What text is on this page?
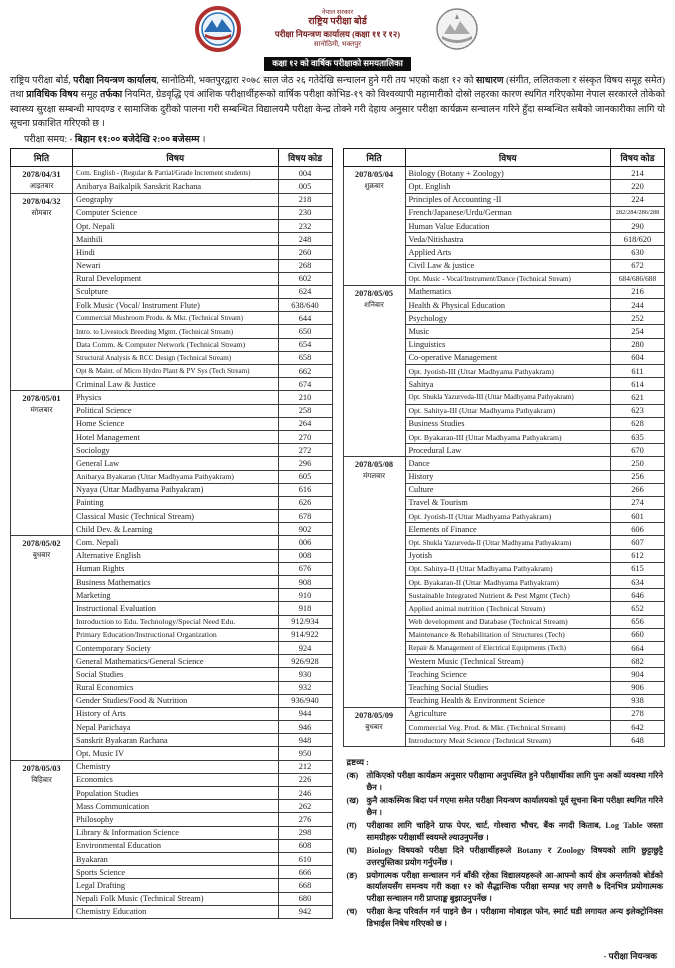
नेपाल सरकार
राष्ट्रिय परीक्षा बोर्ड
परीक्षा नियन्त्रण कार्यालय (कक्षा ११ र १२)
सानोठिमी, भक्तपुर
कक्षा १२ को वार्षिक परीक्षाको समयतालिका
राष्ट्रिय परीक्षा बोर्ड, परीक्षा नियन्त्रण कार्यालय, सानोठिमी, भक्तपुरद्वारा २०७८ साल जेठ २६ गतेदेखि सन्चालन हुने गरी तय भएको कक्षा १२ को साधारण (संगीत, ललितकला र संस्कृत विषय समूह समेत) तथा प्राविधिक विषय समूह तर्फका नियमित, ग्रेडवृद्धि एवं आंशिक परीक्षार्थीहरूको वार्षिक परीक्षा कोभिड-१९ को विश्वव्यापी महामारीको दोस्रो लहरका कारण स्थगित गरिएकोमा नेपाल सरकारले तोकेको स्वास्थ्य सुरक्षा सम्बन्धी मापदण्ड र सामाजिक दुरीको पालना गरी सम्बन्धित विद्यालयमै परीक्षा केन्द्र तोक्ने गरी देहाय अनुसार परीक्षा कार्यक्रम सन्चालन गरिने हुँदा सम्बन्धित सबैको जानकारीका लागि यो सूचना प्रकाशित गरिएको छ ।
परीक्षा समय: - बिहान ११:०० बजेदेखि २:०० बजेसम्म ।
मिति	विषय	विषय कोड

2078/04/31
आइतबार	Com. English - (Regular & Partial/Grade Increment students)	004
	Anibarya Baikalpik Sanskrit Rachana	005

2078/04/32
सोमबार	Geography	218
	Computer Science	230
	Opt. Nepali	232
	Maithili	248
	Hindi	260
	Newari	268
	Rural Development	602
	Sculpture	624
	Folk Music (Vocal/ Instrument Flute)	638/640
	Commercial Mushroom Produ. & Mkt. (Technical Stream)	644
	Intro. to Livestock Breeding Mgmt. (Technical Stream)	650
	Data Comm. & Computer Network (Technical Stream)	654
	Structural Analysis & RCC Design (Technical Stream)	658
	Opt & Maint. of Micro Hydro Plant & PV Sys (Tech Stream)	662
	Criminal Law & Justice	674

2078/05/01
मंगलबार	Physics	210
	Political Science	258
	Home Science	264
	Hotel Management	270
	Sociology	272
	General Law	296
	Anibarya Byakaran (Uttar Madhyama Pathyakram)	605
	Nyaya (Uttar Madhyama Pathyakram)	616
	Painting	626
	Classical Music (Technical Stream)	678
	Child Dev. & Learning	902

2078/05/02
बुधबार	Com. Nepali	006
	Alternative English	008
	Human Rights	676
	Business Mathematics	908
	Marketing	910
	Instructional Evaluation	918
	Introduction to Edu. Technology/Special Need Edu.	912/934
	Primary Education/Instructional Organization	914/922
	Contemporary Society	924
	General Mathematics/General Science	926/928
	Social Studies	930
	Rural Economics	932
	Gender Studies/Food & Nutrition	936/940
	History of Arts	944
	Nepal Parichaya	946
	Sanskrit Byakaran Rachana	948
	Opt. Music IV	950

2078/05/03
बिहिबार	Chemistry	212
	Economics	226
	Population Studies	246
	Mass Communication	262
	Philosophy	276
	Library & Information Science	298
	Environmental Education	608
	Byakaran	610
	Sports Science	666
	Legal Drafting	668
	Nepali Folk Music (Technical Stream)	680
	Chemistry Education	942
मिति	विषय	विषय कोड

2078/05/04
शुक्रबार	Biology (Botany + Zoology)	214
	Opt. English	220
	Principles of Accounting -II	224
	French/Japanese/Urdu/German	282/284/286/288
	Human Value Education	290
	Veda/Nitishastra	618/620
	Applied Arts	630
	Civil Law & justice	672
	Opt. Music - Vocal/Instrument/Dance (Technical Stream)	684/686/688

2078/05/05
शनिबार	Mathematics	216
	Health & Physical Education	244
	Psychology	252
	Music	254
	Linguistics	280
	Co-operative Management	604
	Opt. Jyotish-III (Uttar Madhyama Pathyakram)	611
	Sahitya	614
	Opt. Shukla Yazurveda-III (Uttar Madhyama Pathyakram)	621
	Opt. Sahitya-III (Uttar Madhyama Pathyakram)	623
	Business Studies	628
	Opt. Byakaran-III (Uttar Madhyama Pathyakram)	635
	Procedural Law	670

2078/05/08
मंगलबार	Dance	250
	History	256
	Culture	266
	Travel & Tourism	274
	Opt. Jyotish-II (Uttar Madhyama Pathyakram)	601
	Elements of Finance	606
	Opt. Shukla Yazurveda-II (Uttar Madhyama Pathyakram)	607
	Jyotish	612
	Opt. Sahitya-II (Uttar Madhyama Pathyakram)	615
	Opt. Byakaran-II (Uttar Madhyama Pathyakram)	634
	Sustainable Integrated Nutrient & Pest Mgmt (Tech)	646
	Applied animal nutrition (Technical Stream)	652
	Web development and Database (Technical Stream)	656
	Maintenance & Rehabilitation of Structures (Tech)	660
	Repair & Management of Electrical Equipments (Tech)	664
	Western Music (Technical Stream)	682
	Teaching Science	904
	Teaching Social Studies	906
	Teaching Health & Environment Science	938

2078/05/09
बुधबार	Agriculture	278
	Commercial Veg. Prod. & Mkt. (Technical Stream)	642
	Introductory Meat Science (Technical Stream)	648
द्रष्टव्य :
(क)	तोकिएको परीक्षा कार्यक्रम अनुसार परीक्षामा अनुपस्थित हुने परीक्षार्थीका लागि पुनः अर्को व्यवस्था गरिने छैन ।
(ख) कुनै आकस्मिक बिदा पर्न गएमा समेत परीक्षा नियन्त्रण कार्यालयको पूर्व सूचना बिना परीक्षा स्थगित गरिने छैन ।
(ग)	परीक्षाका लागि चाहिने ग्राफ पेपर, चार्ट, गोश्वारा भौचर, बैंक नगदी किताब, Log Table जस्ता सामग्रीहरू परीक्षार्थी स्वयम्ले ल्याउनुपर्नेछ ।
(घ)	Biology विषयको परीक्षा दिने परीक्षार्थीहरूले Botany र Zoology विषयको लागि छुट्टाछुट्टै उत्तरपुस्तिका प्रयोग गर्नुपर्नेछ ।
(ङ)	प्रयोगात्मक परीक्षा सन्चालन गर्न बाँकी रहेका विद्यालयहरूले आ-आफ्नो कार्य क्षेत्र अन्तर्गतको बोर्डको कार्यालयसँग समन्वय गरी कक्षा १२ को सैद्धान्तिक परीक्षा सम्पन्न भए लगत्तै ७ दिनभित्र प्रयोगात्मक परीक्षा सन्चालन गरी प्राप्ताङ्क बुझाउनुपर्नेछ ।
(च)	परीक्षा केन्द्र परिवर्तन गर्न पाइने छैन । परीक्षामा मोबाइल फोन, स्मार्ट घडी लगायत अन्य इलेक्ट्रोनिक्स डिभाईस निषेध गरिएको छ ।
- परीक्षा नियन्त्रक
